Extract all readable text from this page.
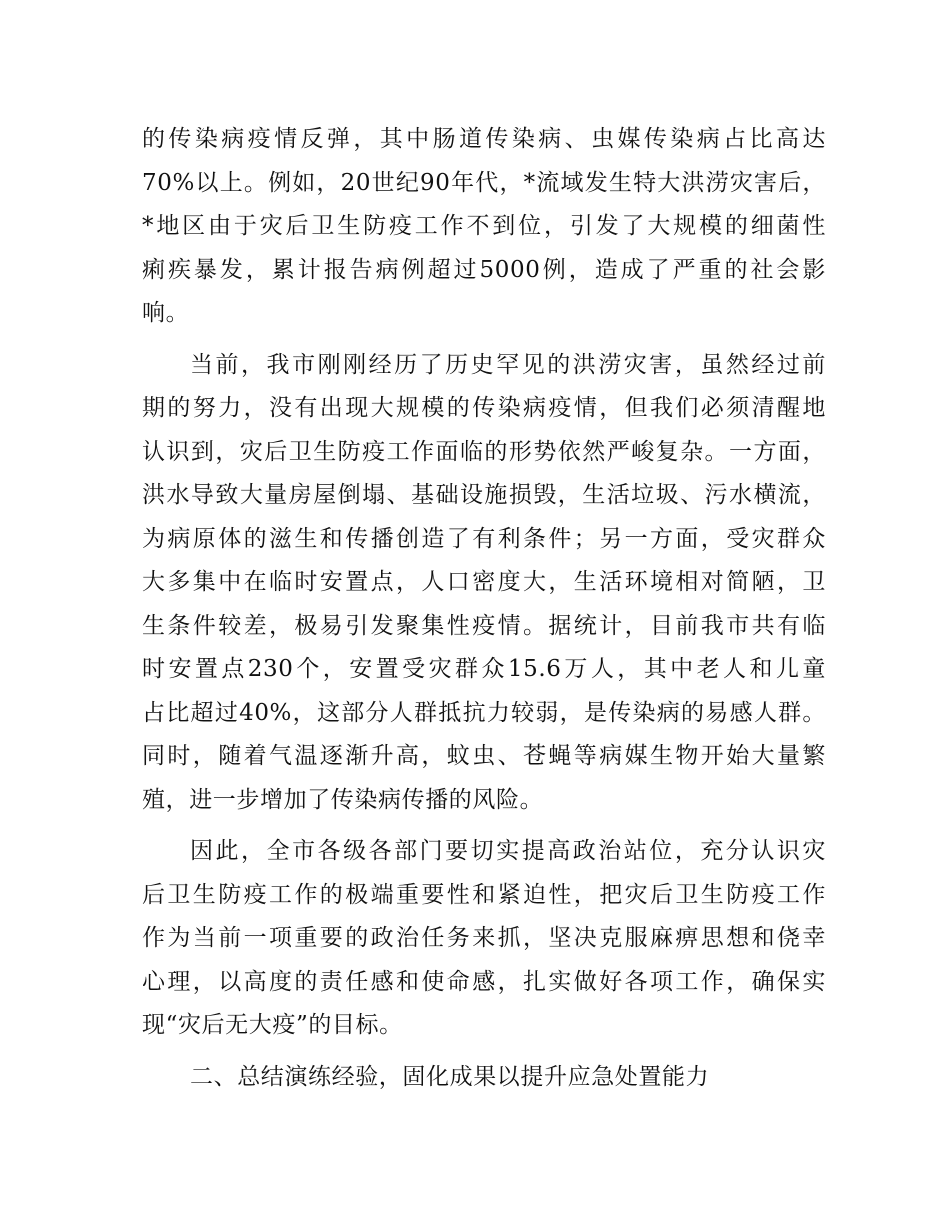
的传染病疫情反弹，其中肠道传染病、虫媒传染病占比高达
70%以上。例如，20世纪90年代，*流域发生特大洪涝灾害后，
*地区由于灾后卫生防疫工作不到位，引发了大规模的细菌性
痢疾暴发，累计报告病例超过5000例，造成了严重的社会影
响。
当前，我市刚刚经历了历史罕见的洪涝灾害，虽然经过前
期的努力，没有出现大规模的传染病疫情，但我们必须清醒地
认识到，灾后卫生防疫工作面临的形势依然严峻复杂。一方面，
洪水导致大量房屋倒塌、基础设施损毁，生活垃圾、污水横流，
为病原体的滋生和传播创造了有利条件；另一方面，受灾群众
大多集中在临时安置点，人口密度大，生活环境相对简陋，卫
生条件较差，极易引发聚集性疫情。据统计，目前我市共有临
时安置点230个，安置受灾群众15.6万人，其中老人和儿童
占比超过40%，这部分人群抵抗力较弱，是传染病的易感人群。
同时，随着气温逐渐升高，蚊虫、苍蝇等病媒生物开始大量繁
殖，进一步增加了传染病传播的风险。
因此，全市各级各部门要切实提高政治站位，充分认识灾
后卫生防疫工作的极端重要性和紧迫性，把灾后卫生防疫工作
作为当前一项重要的政治任务来抓，坚决克服麻痹思想和侥幸
心理，以高度的责任感和使命感，扎实做好各项工作，确保实
现“灾后无大疫”的目标。
二、总结演练经验，固化成果以提升应急处置能力
